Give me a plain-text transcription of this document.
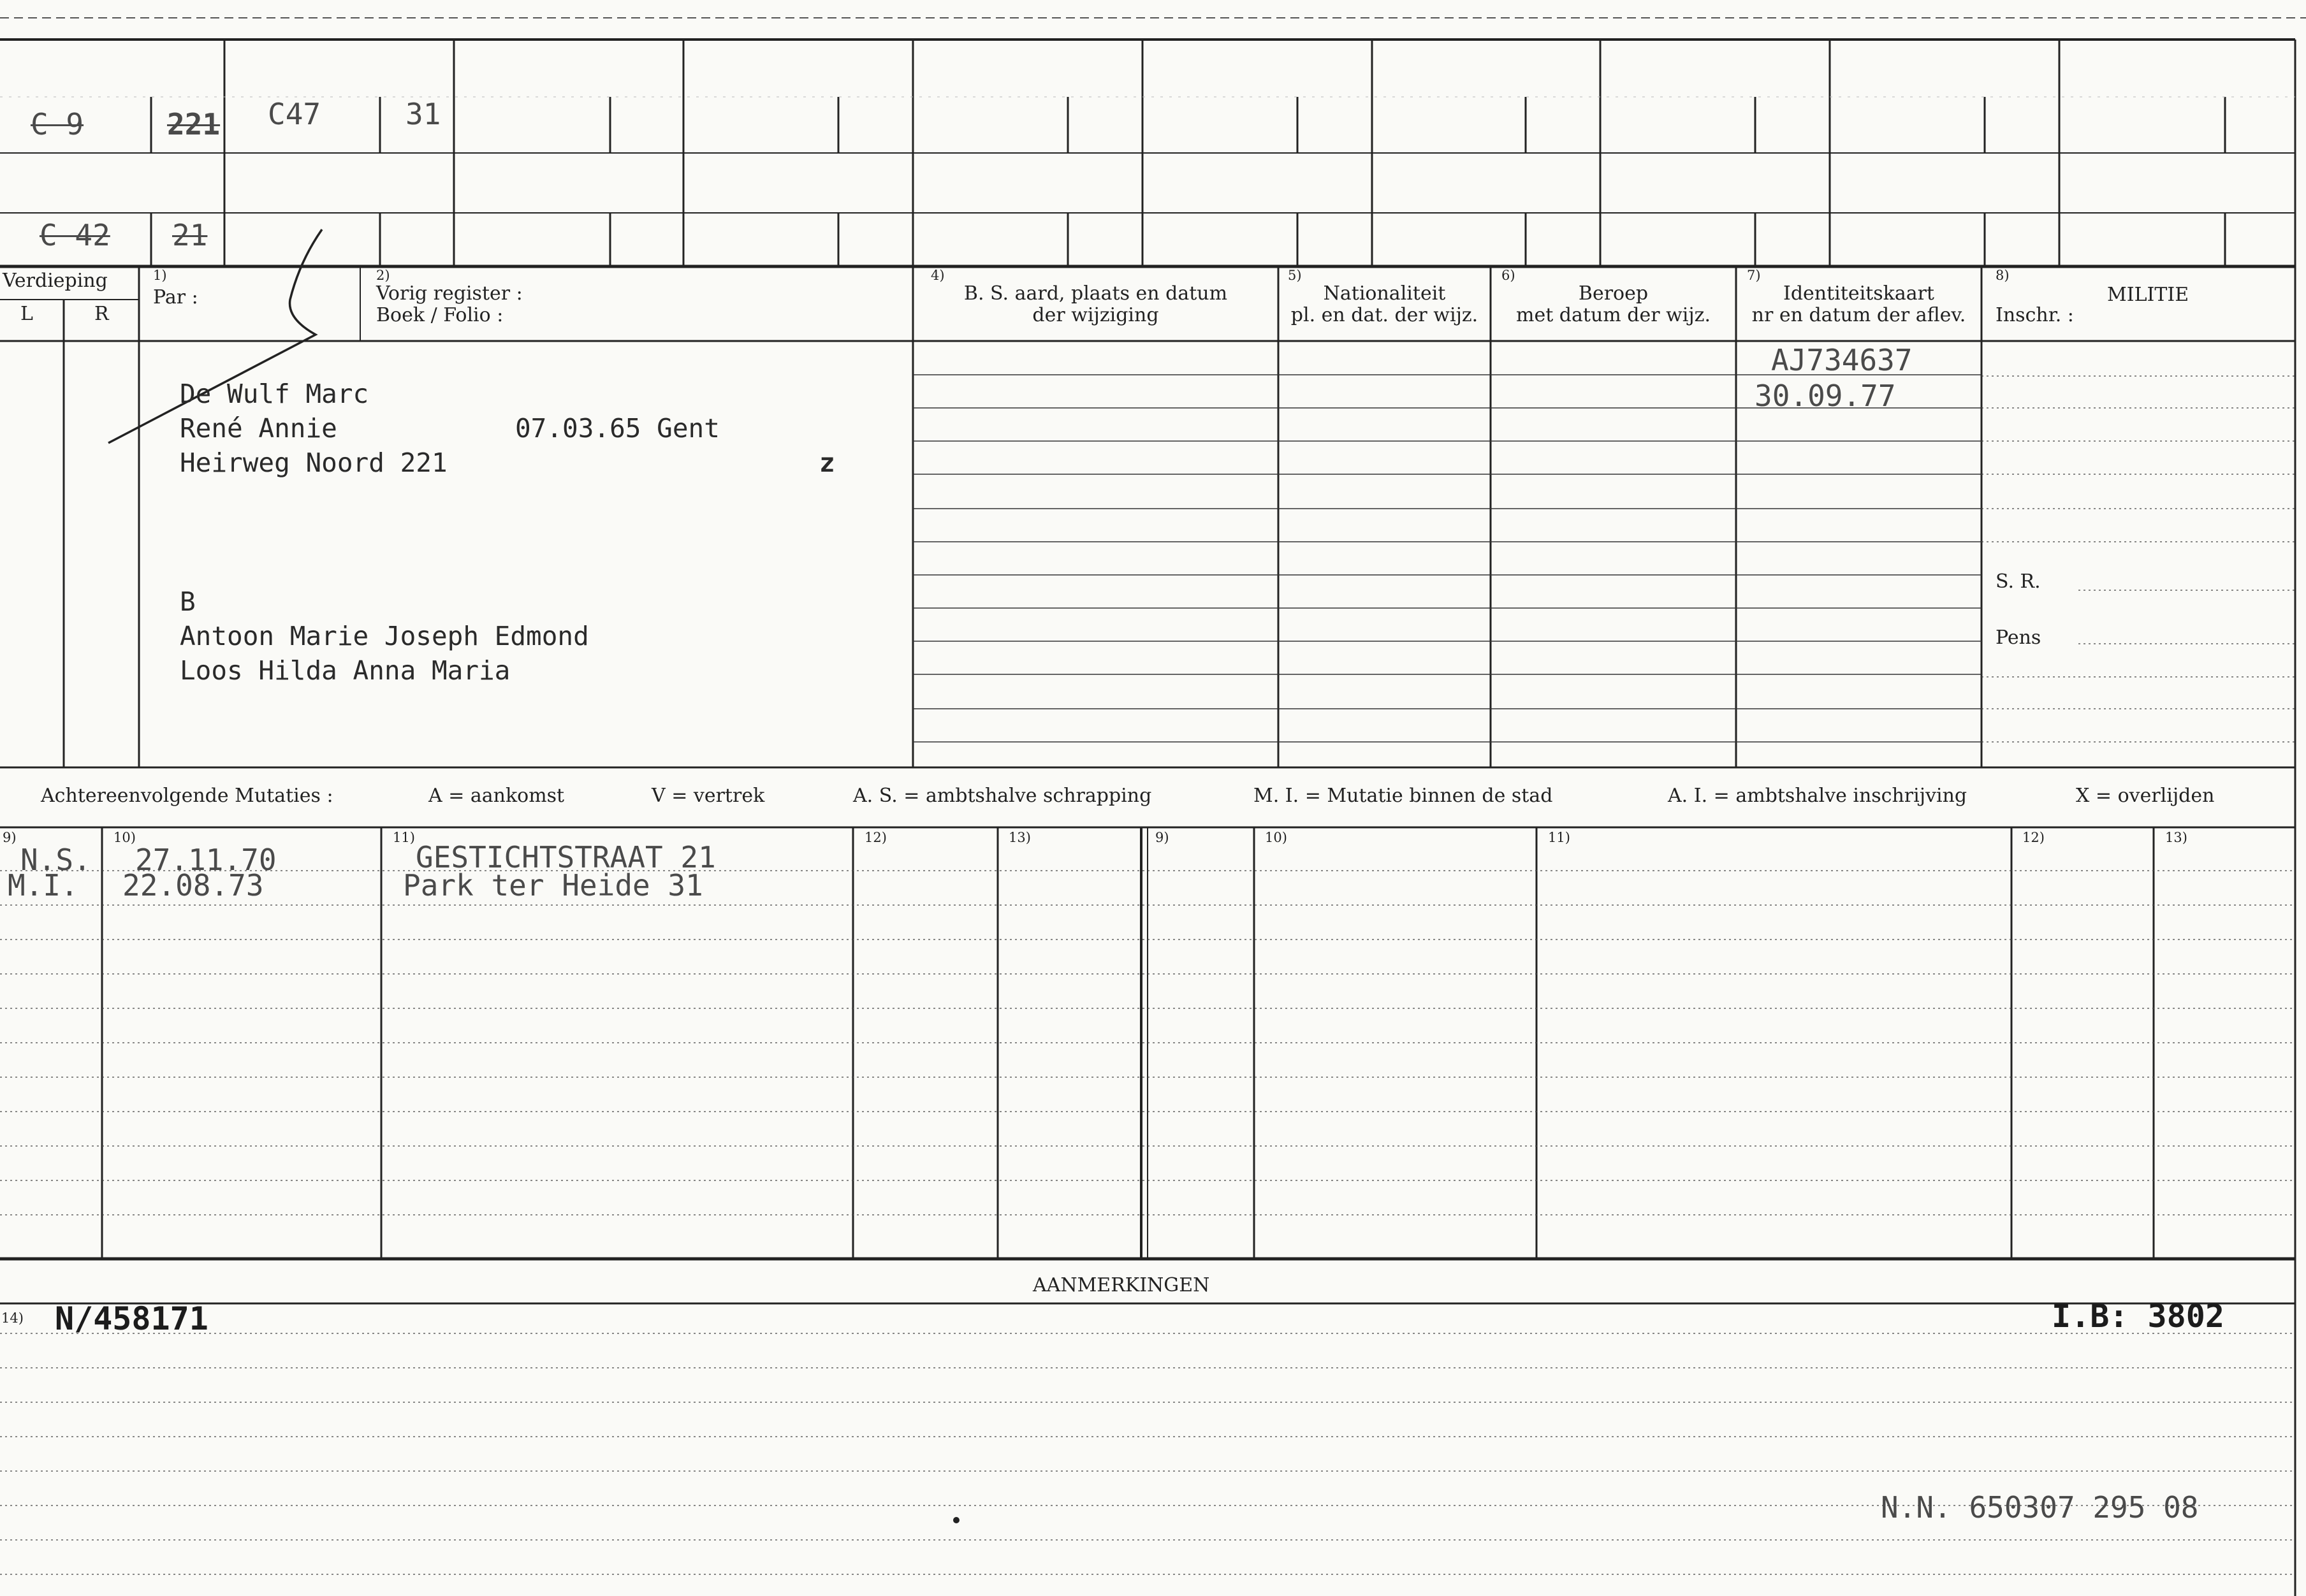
C 9	221 C47	31
C 42 21
Verdieping
L	R
1)
Par :
2)
Vorig register :
Boek / Folio :
4)
B. S. aard, plaats en datum
der wijziging
5)
Nationaliteit
pl. en dat. der wijz.
6)
Beroep
met datum der wijz.
7)
Identiteitskaart
nr en datum der aflev.
8)
MILITIE
Inschr. :
S. R.
Pens
De Wulf Marc
René Annie	07.03.65 Gent
Heirweg Noord 221	z
B
Antoon Marie Joseph Edmond
Loos Hilda Anna Maria
AJ734637
30.09.77
Achtereenvolgende Mutaties :	A = aankomst	V = vertrek	A. S. = ambtshalve schrapping	M. I. = Mutatie binnen de stad	A. I. = ambtshalve inschrijving	X = overlijden
9)	10)	11)	12)	13)	9)	10)	11)	12)	13)
N.S. 27.11.70	GESTICHTSTRAAT 21
M.I. 22.08.73	Park ter Heide 31
AANMERKINGEN
14) N/458171	I.B: 3802
N.N. 650307 295 08
